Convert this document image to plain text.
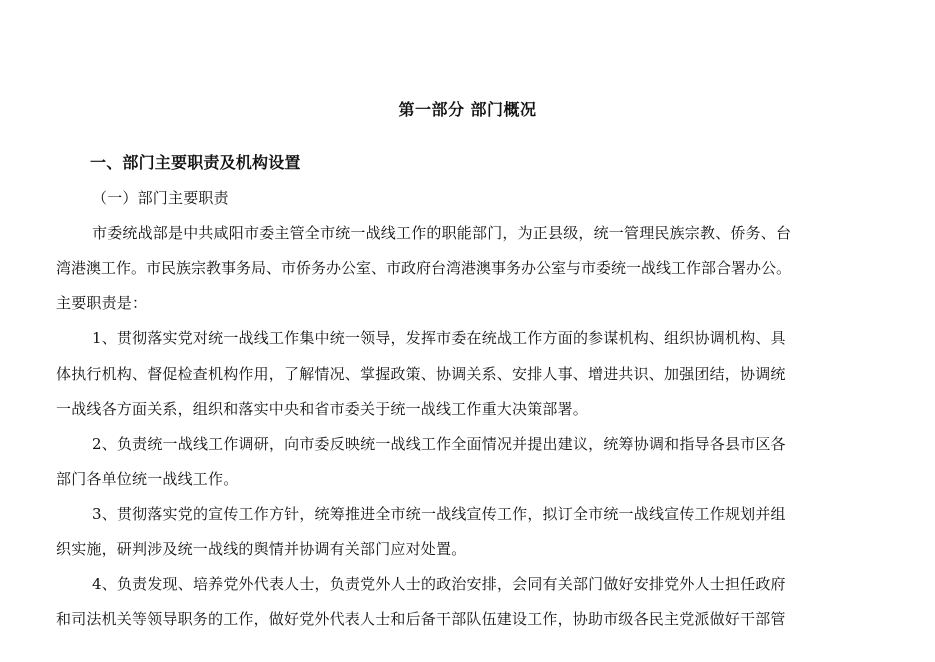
第一部分 部门概况
一、部门主要职责及机构设置
（一）部门主要职责
市委统战部是中共咸阳市委主管全市统一战线工作的职能部门，为正县级，统一管理民族宗教、侨务、台
湾港澳工作。市民族宗教事务局、市侨务办公室、市政府台湾港澳事务办公室与市委统一战线工作部合署办公。
主要职责是：
1、贯彻落实党对统一战线工作集中统一领导，发挥市委在统战工作方面的参谋机构、组织协调机构、具
体执行机构、督促检查机构作用，了解情况、掌握政策、协调关系、安排人事、增进共识、加强团结，协调统
一战线各方面关系，组织和落实中央和省市委关于统一战线工作重大决策部署。
2、负责统一战线工作调研，向市委反映统一战线工作全面情况并提出建议，统筹协调和指导各县市区各
部门各单位统一战线工作。
3、贯彻落实党的宣传工作方针，统筹推进全市统一战线宣传工作，拟订全市统一战线宣传工作规划并组
织实施，研判涉及统一战线的舆情并协调有关部门应对处置。
4、负责发现、培养党外代表人士，负责党外人士的政治安排，会同有关部门做好安排党外人士担任政府
和司法机关等领导职务的工作，做好党外代表人士和后备干部队伍建设工作，协助市级各民主党派做好干部管
